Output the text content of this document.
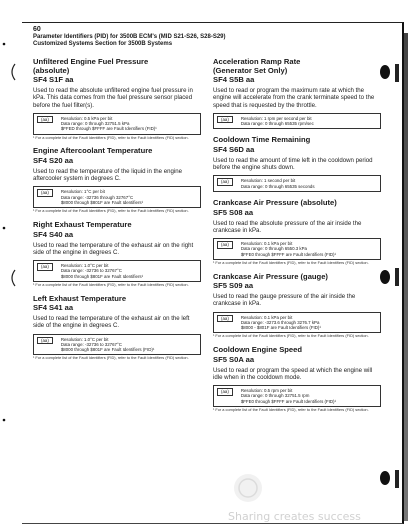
60
Parameter Identifiers (PID) for 3500B ECM's (MID S21-S26, S28-S29)
Customized Systems Section for 3500B Systems
Unfiltered Engine Fuel Pressure
(absolute)
SF4 S1F aa
Used to read the absolute unfiltered engine fuel pressure in kPa. This data comes from the fuel pressure sensor placed before the fuel filter(s).
(aa)	Resolution: 0.5 kPa per bit
Data range: 0 through 32751.5 kPa
$FFED through $FFFF are Fault Identifiers (FID)¹
¹ For a complete list of the Fault Identifiers (FID), refer to the Fault Identifiers (FID) section.
Engine Aftercoolant Temperature
SF4 S20 aa
Used to read the temperature of the liquid in the engine aftercooler system in degrees C.
(aa)	Resolution: 1°C per bit
Data range: -32736 through 32767°C
$8000 through $801F are Fault Identifiers¹
¹ For a complete list of the Fault Identifiers (FID), refer to the Fault Identifiers (FID) section.
Right Exhaust Temperature
SF4 S40 aa
Used to read the temperature of the exhaust air on the right side of the engine in degrees C.
(aa)	Resolution: 1.0°C per bit
Data range: -32736 to 32767°C
$8000 through $801F are Fault Identifiers¹
¹ For a complete list of the Fault Identifiers (FID), refer to the Fault Identifiers (FID) section.
Left Exhaust Temperature
SF4 S41 aa
Used to read the temperature of the exhaust air on the left side of the engine in degrees C.
(aa)	Resolution: 1.0°C per bit
Data range: -32736 to 32767°C
$8000 through $801F are Fault Identifiers (FID)¹
¹ For a complete list of the Fault Identifiers (FID), refer to the Fault Identifiers (FID) section.
Acceleration Ramp Rate
(Generator Set Only)
SF4 S5B aa
Used to read or program the maximum rate at which the engine will accelerate from the crank terminate speed to the speed that is requested by the throttle.
(aa)	Resolution: 1 rpm per second per bit
Data range: 0 through 65535 rpm/sec
Cooldown Time Remaining
SF4 S6D aa
Used to read the amount of time left in the cooldown period before the engine shuts down.
(aa)	Resolution: 1 second per bit
Data range: 0 through 65535 seconds
Crankcase Air Pressure (absolute)
SF5 S08 aa
Used to read the absolute pressure of the air inside the crankcase in kPa.
(aa)	Resolution: 0.1 kPa per bit
Data range: 0 through 6550.3 kPa
$FFE0 through $FFFF are Fault Identifiers (FID)¹
¹ For a complete list of the Fault Identifiers (FID), refer to the Fault Identifiers (FID) section.
Crankcase Air Pressure (gauge)
SF5 S09 aa
Used to read the gauge pressure of the air inside the crankcase in kPa.
(aa)	Resolution: 0.1 kPa per bit
Data range: -3273.6 through 3276.7 kPa
$8000 - $801F are Fault Identifiers (FID)¹
¹ For a complete list of the Fault Identifiers (FID), refer to the Fault Identifiers (FID) section.
Cooldown Engine Speed
SF5 S0A aa
Used to read or program the speed at which the engine will idle when in the cooldown mode.
(aa)	Resolution: 0.5 rpm per bit
Data range: 0 through 32751.5 rpm
$FFE0 through $FFFF are Fault Identifiers (FID)¹
¹ For a complete list of the Fault Identifiers (FID), refer to the Fault Identifiers (FID) section.
Sharing creates success
